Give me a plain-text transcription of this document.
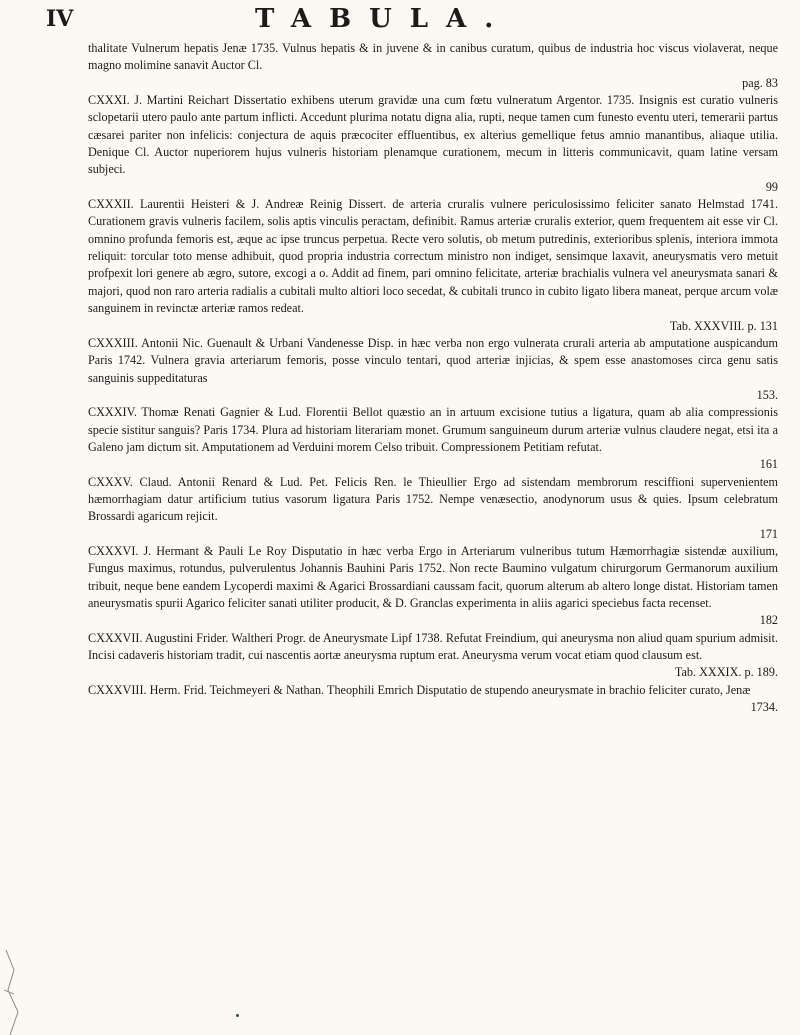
IV	TABULA.

thalitate Vulnerum hepatis Jenæ 1735. Vulnus hepatis & in juvene & in canibus curatum, quibus de industria hoc viscus violaverat, neque magno molimine sanavit Auctor Cl.
pag. 83

CXXXI. J. Martini Reichart Dissertatio exhibens uterum gravidæ una cum fœtu vulneratum Argentor. 1735. Insignis est curatio vulneris sclopetarii utero paulo ante partum inflicti. Accedunt plurima notatu digna alia, rupti, neque tamen cum funesto eventu uteri, temerarii partus cæsarei pariter non infelicis: conjectura de aquis præcociter effluentibus, ex alterius gemellique fetus amnio manantibus, aliaque utilia. Denique Cl. Auctor nuperiorem hujus vulneris historiam plenamque curationem, mecum in litteris communicavit, quam latine versam subjeci.
99

CXXXII. Laurentii Heisteri & J. Andreæ Reinig Dissert. de arteria cruralis vulnere periculosissimo feliciter sanato Helmstad 1741. Curationem gravis vulneris facilem, solis aptis vinculis peractam, definibit. Ramus arteriæ cruralis exterior, quem frequentem ait esse vir Cl. omnino profunda femoris est, æque ac ipse truncus perpetua. Recte vero solutis, ob metum putredinis, exterioribus splenis, interiora immota reliquit: torcular toto mense adhibuit, quod propria industria correctum ministro non indiget, sensimque laxavit, aneurysmatis vero metuit profpexit lori genere ab ægro, sutore, excogi a o. Addit ad finem, pari omnino felicitate, arteriæ brachialis vulnera vel aneurysmata sanari & majori, quod non raro arteria radialis a cubitali multo altiori loco secedat, & cubitali trunco in cubito ligato libera maneat, perque arcum volæ sanguinem in revinctæ arteriæ ramos redeat.
Tab. XXXVIII. p. 131

CXXXIII. Antonii Nic. Guenault & Urbani Vandenesse Disp. in hæc verba non ergo vulnerata crurali arteria ab amputatione auspicandum Paris 1742. Vulnera gravia arteriarum femoris, posse vinculo tentari, quod arteriæ injicias, & spem esse anastomoses circa genu satis sanguinis suppeditaturas
153.

CXXXIV. Thomæ Renati Gagnier & Lud. Florentii Bellot quæstio an in artuum excisione tutius a ligatura, quam ab alia compressionis specie sistitur sanguis? Paris 1734. Plura ad historiam literariam monet. Grumum sanguineum durum arteriæ vulnus claudere negat, etsi ita a Galeno jam dictum sit. Amputationem ad Verduini morem Celso tribuit. Compressionem Petitiam refutat.
161

CXXXV. Claud. Antonii Renard & Lud. Pet. Felicis Ren. le Thieullier Ergo ad sistendam membrorum resciffioni supervenientem hæmorrhagiam datur artificium tutius vasorum ligatura Paris 1752. Nempe venæsectio, anodynorum usus & quies. Ipsum celebratum Brossardi agaricum rejicit.
171

CXXXVI. J. Hermant & Pauli Le Roy Disputatio in hæc verba Ergo in Arteriarum vulneribus tutum Hæmorrhagiæ sistendæ auxilium, Fungus maximus, rotundus, pulverulentus Johannis Bauhini Paris 1752. Non recte Baumino vulgatum chirurgorum Germanorum auxilium tribuit, neque bene eandem Lycoperdi maximi & Agarici Brossardiani caussam facit, quorum alterum ab altero longe distat. Historiam tamen aneurysmatis spurii Agarico feliciter sanati utiliter producit, & D. Granclas experimenta in aliis agarici speciebus facta recenset.
182

CXXXVII. Augustini Frider. Waltheri Progr. de Aneurysmate Lipf 1738. Refutat Freindium, qui aneurysma non aliud quam spurium admisit. Incisi cadaveris historiam tradit, cui nascentis aortæ aneurysma ruptum erat. Aneurysma verum vocat etiam quod clausum est.
Tab. XXXIX. p. 189.

CXXXVIII. Herm. Frid. Teichmeyeri & Nathan. Theophili Emrich Disputatio de stupendo aneurysmate in brachio feliciter curato, Jenæ
1734.
